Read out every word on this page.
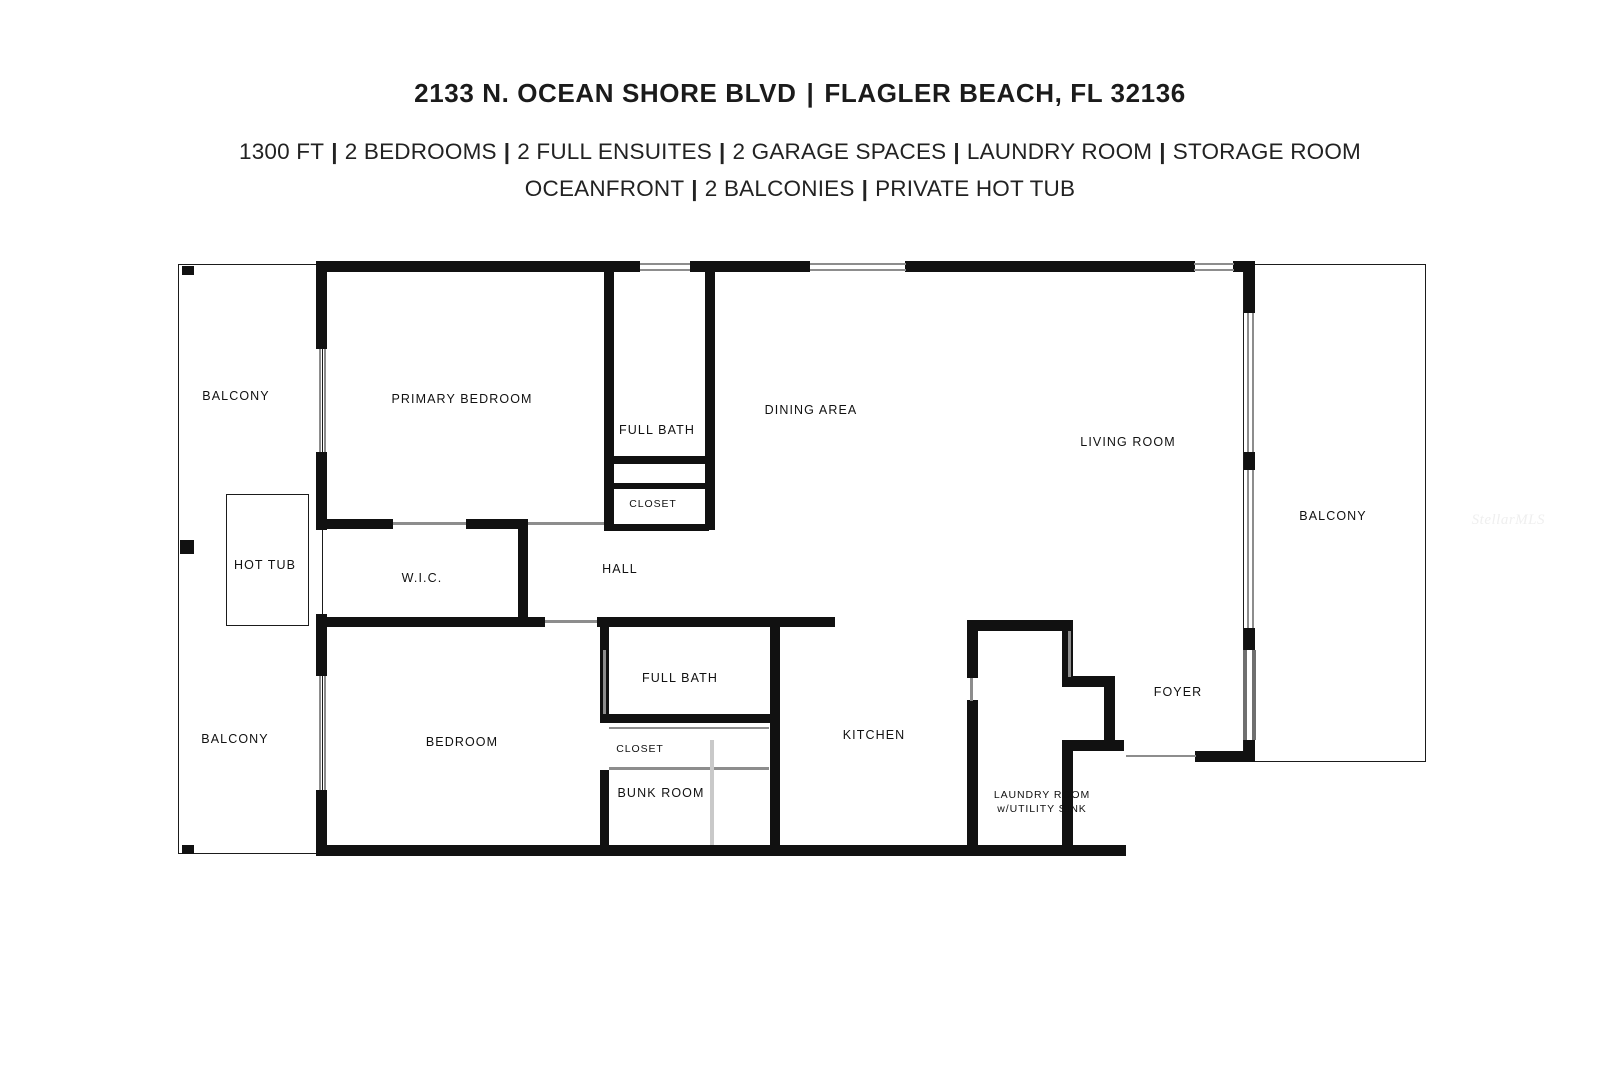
2133 N. OCEAN SHORE BLVD | FLAGLER BEACH, FL 32136
1300 FT | 2 BEDROOMS | 2 FULL ENSUITES | 2 GARAGE SPACES | LAUNDRY ROOM | STORAGE ROOM
OCEANFRONT | 2 BALCONIES | PRIVATE HOT TUB
BALCONY	PRIMARY BEDROOM
FULL BATH
DINING AREA
LIVING ROOM
BALCONY
CLOSET
HOT TUB
W.I.C.
HALL
FULL BATH
FOYER
BALCONY	BEDROOM	CLOSET
KITCHEN
BUNK ROOM	LAUNDRY ROOM
w/UTILITY SINK
StellarMLS
